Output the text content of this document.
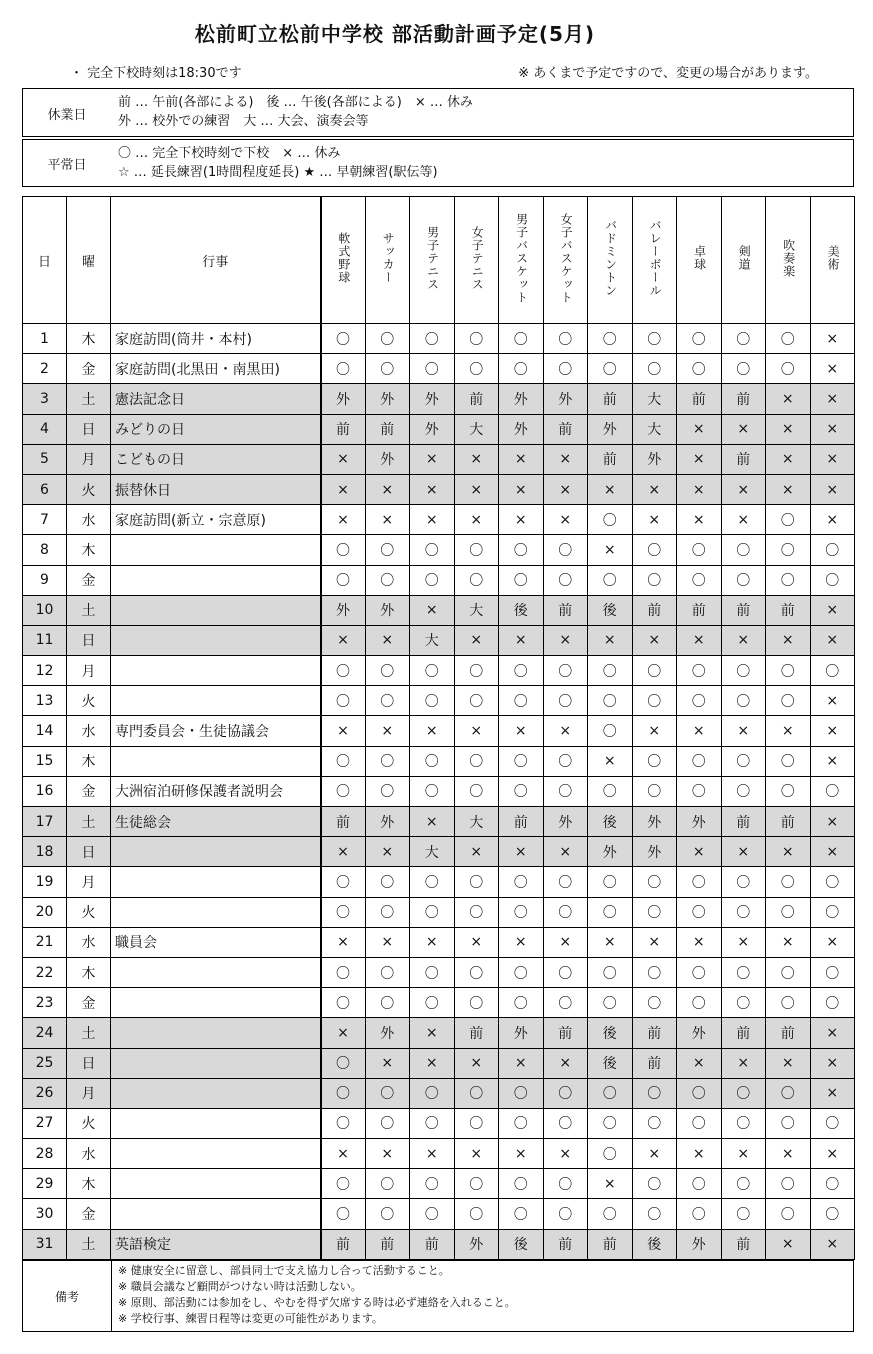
松前町立松前中学校 部活動計画予定(5月)
・ 完全下校時刻は18:30です	※ あくまで予定ですので、変更の場合があります。
休業日
前 … 午前(各部による)　後 … 午後(各部による)　× … 休み
外 … 校外での練習　大 … 大会、演奏会等
平常日
〇 … 完全下校時刻で下校　× … 休み
☆ … 延長練習(1時間程度延長) ★ … 早朝練習(駅伝等)
日	曜	行事	軟式野球	サッカー	男子テニス	女子テニス	男子バスケット	女子バスケット	バドミントン	バレーボール	卓球	剣道	吹奏楽	美術
1	木	家庭訪問(筒井・本村)	〇	〇	〇	〇	〇	〇	〇	〇	〇	〇	〇	×
2	金	家庭訪問(北黒田・南黒田)	〇	〇	〇	〇	〇	〇	〇	〇	〇	〇	〇	×
3	土	憲法記念日	外	外	外	前	外	外	前	大	前	前	×	×
4	日	みどりの日	前	前	外	大	外	前	外	大	×	×	×	×
5	月	こどもの日	×	外	×	×	×	×	前	外	×	前	×	×
6	火	振替休日	×	×	×	×	×	×	×	×	×	×	×	×
7	水	家庭訪問(新立・宗意原)	×	×	×	×	×	×	〇	×	×	×	〇	×
8	木		〇	〇	〇	〇	〇	〇	×	〇	〇	〇	〇	〇
9	金		〇	〇	〇	〇	〇	〇	〇	〇	〇	〇	〇	〇
10	土		外	外	×	大	後	前	後	前	前	前	前	×
11	日		×	×	大	×	×	×	×	×	×	×	×	×
12	月		〇	〇	〇	〇	〇	〇	〇	〇	〇	〇	〇	〇
13	火		〇	〇	〇	〇	〇	〇	〇	〇	〇	〇	〇	×
14	水	専門委員会・生徒協議会	×	×	×	×	×	×	〇	×	×	×	×	×
15	木		〇	〇	〇	〇	〇	〇	×	〇	〇	〇	〇	×
16	金	大洲宿泊研修保護者説明会	〇	〇	〇	〇	〇	〇	〇	〇	〇	〇	〇	〇
17	土	生徒総会	前	外	×	大	前	外	後	外	外	前	前	×
18	日		×	×	大	×	×	×	外	外	×	×	×	×
19	月		〇	〇	〇	〇	〇	〇	〇	〇	〇	〇	〇	〇
20	火		〇	〇	〇	〇	〇	〇	〇	〇	〇	〇	〇	〇
21	水	職員会	×	×	×	×	×	×	×	×	×	×	×	×
22	木		〇	〇	〇	〇	〇	〇	〇	〇	〇	〇	〇	〇
23	金		〇	〇	〇	〇	〇	〇	〇	〇	〇	〇	〇	〇
24	土		×	外	×	前	外	前	後	前	外	前	前	×
25	日		〇	×	×	×	×	×	後	前	×	×	×	×
26	月		〇	〇	〇	〇	〇	〇	〇	〇	〇	〇	〇	×
27	火		〇	〇	〇	〇	〇	〇	〇	〇	〇	〇	〇	〇
28	水		×	×	×	×	×	×	〇	×	×	×	×	×
29	木		〇	〇	〇	〇	〇	〇	×	〇	〇	〇	〇	〇
30	金		〇	〇	〇	〇	〇	〇	〇	〇	〇	〇	〇	〇
31	土	英語検定	前	前	前	外	後	前	前	後	外	前	×	×
備考
※ 健康安全に留意し、部員同士で支え協力し合って活動すること。
※ 職員会議など顧問がつけない時は活動しない。
※ 原則、部活動には参加をし、やむを得ず欠席する時は必ず連絡を入れること。
※ 学校行事、練習日程等は変更の可能性があります。
